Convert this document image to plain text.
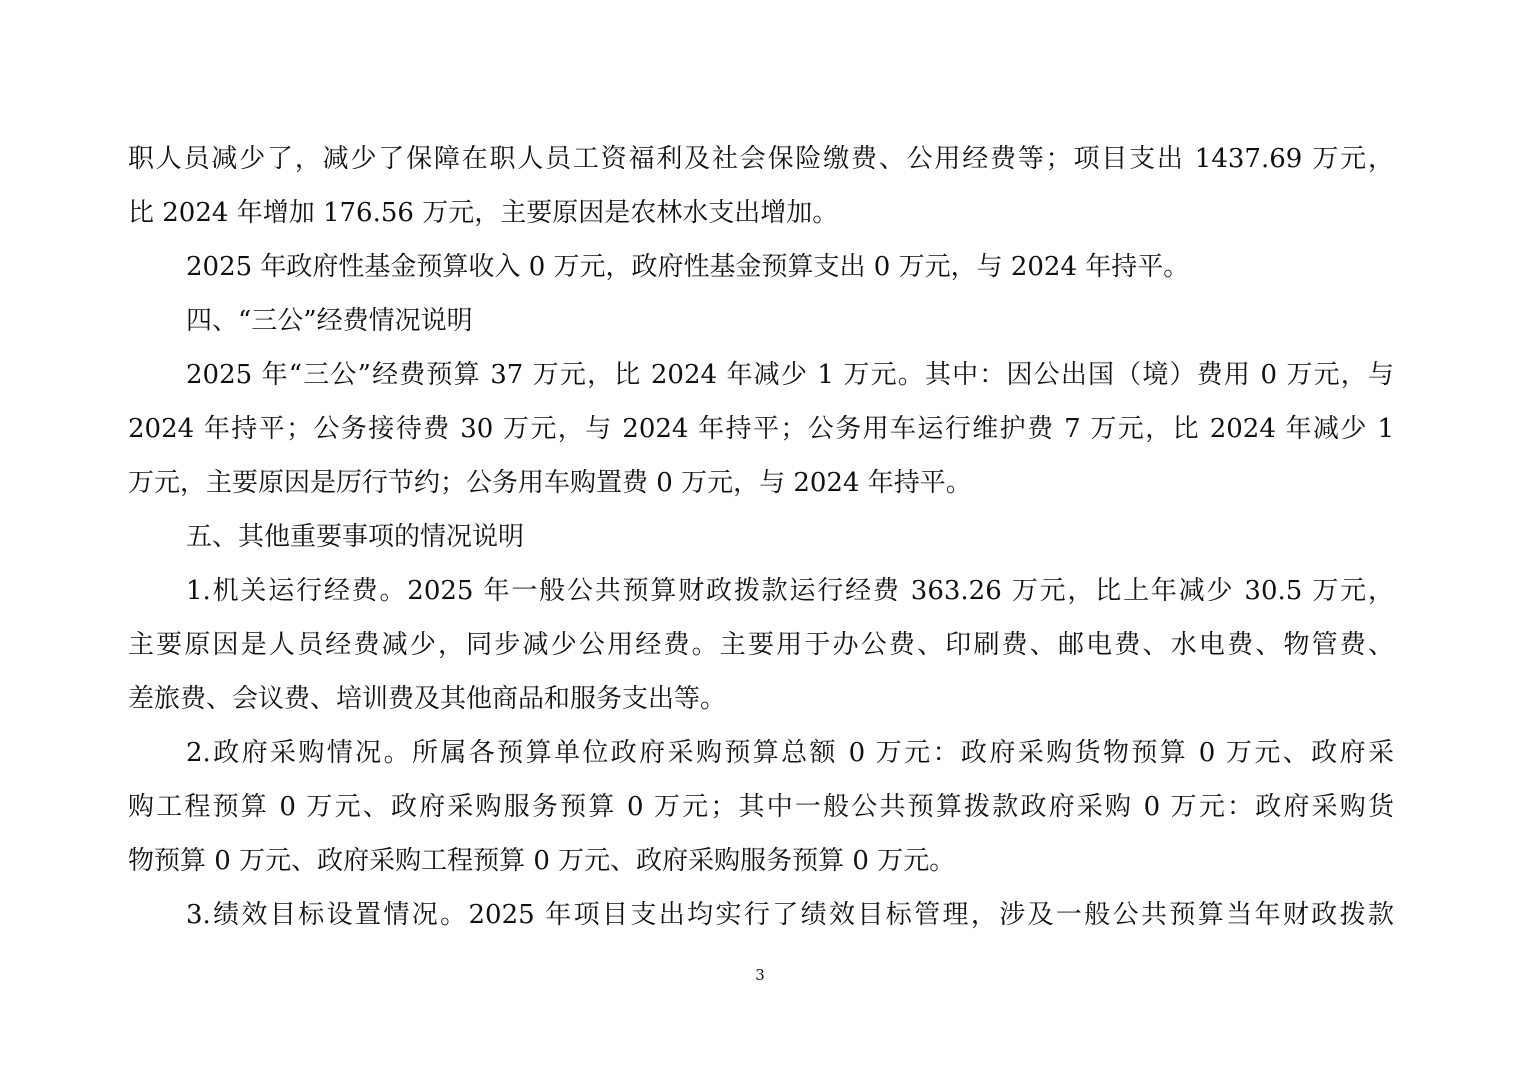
职人员减少了，减少了保障在职人员工资福利及社会保险缴费、公用经费等；项目支出 1437.69 万元，
比 2024 年增加 176.56 万元，主要原因是农林水支出增加。
2025 年政府性基金预算收入 0 万元，政府性基金预算支出 0 万元，与 2024 年持平。
四、“三公”经费情况说明
2025 年“三公”经费预算 37 万元，比 2024 年减少 1 万元。其中：因公出国（境）费用 0 万元，与
2024 年持平；公务接待费 30 万元，与 2024 年持平；公务用车运行维护费 7 万元，比 2024 年减少 1
万元，主要原因是厉行节约；公务用车购置费 0 万元，与 2024 年持平。
五、其他重要事项的情况说明
1.机关运行经费。2025 年一般公共预算财政拨款运行经费 363.26 万元，比上年减少 30.5 万元，
主要原因是人员经费减少，同步减少公用经费。主要用于办公费、印刷费、邮电费、水电费、物管费、
差旅费、会议费、培训费及其他商品和服务支出等。
2.政府采购情况。所属各预算单位政府采购预算总额 0 万元：政府采购货物预算 0 万元、政府采
购工程预算 0 万元、政府采购服务预算 0 万元；其中一般公共预算拨款政府采购 0 万元：政府采购货
物预算 0 万元、政府采购工程预算 0 万元、政府采购服务预算 0 万元。
3.绩效目标设置情况。2025 年项目支出均实行了绩效目标管理，涉及一般公共预算当年财政拨款
3
